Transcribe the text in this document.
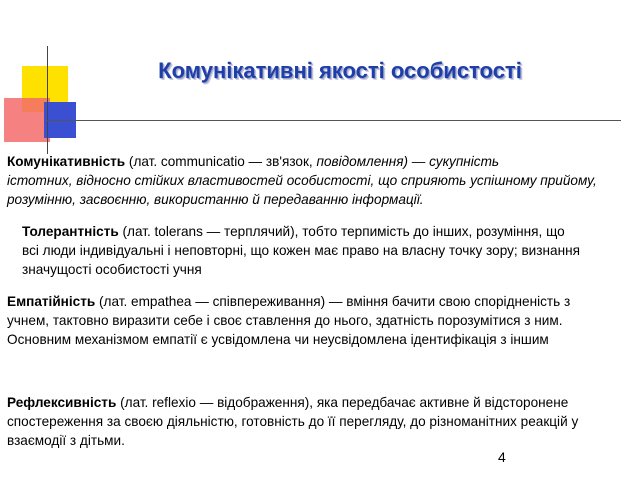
Комунікативні якості особистості

Комунікативність (лат. communicatio — зв'язок, повідомлення) — сукупність
істотних, відносно стійких властивостей особистості, що сприяють успішному прийому, розумінню, засвоєнню, використанню й передаванню інформації.

Толерантність (лат. tolerans — терплячий), тобто терпимість до інших, розуміння, що всі люди індивідуальні і неповторні, що кожен має право на власну точку зору; визнання значущості особистості учня

Емпатійність (лат. empathea — співпереживання) — вміння бачити свою спорідненість з учнем, тактовно виразити себе і своє ставлення до нього, здатність порозумітися з ним. Основним механізмом емпатії є усвідомлена чи неусвідомлена ідентифікація з іншим

Рефлексивність (лат. reflexio — відображення), яка передбачає активне й відсторонене спостереження за своєю діяльністю, готовність до її перегляду, до різноманітних реакцій у взаємодії з дітьми.

4
